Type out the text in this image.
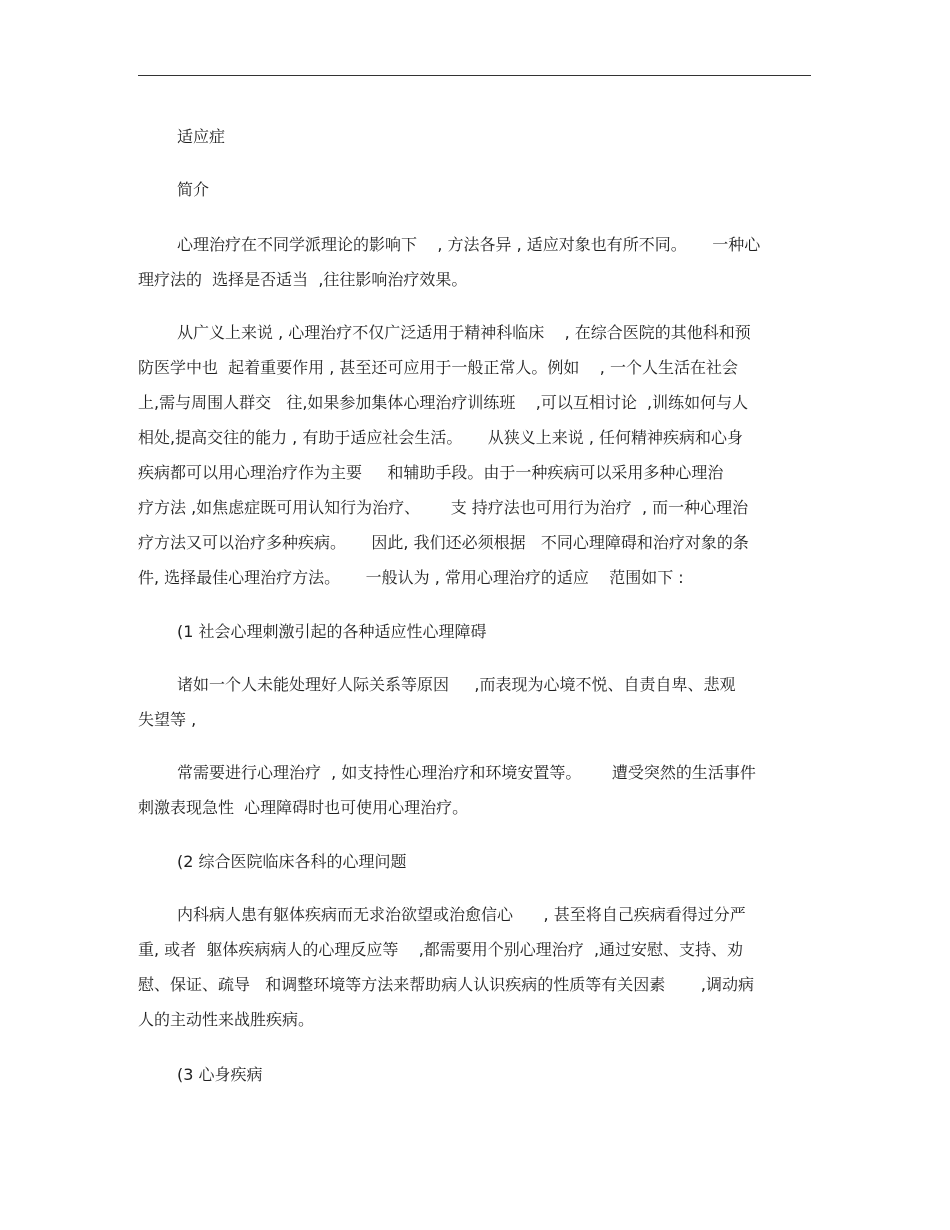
适应症

简介

心理治疗在不同学派理论的影响下    , 方法各异 , 适应对象也有所不同。     一种心

理疗法的  选择是否适当  ,往往影响治疗效果。

从广义上来说 , 心理治疗不仅广泛适用于精神科临床    , 在综合医院的其他科和预

防医学中也  起着重要作用 , 甚至还可应用于一般正常人。例如    , 一个人生活在社会

上,需与周围人群交   往,如果参加集体心理治疗训练班    ,可以互相讨论  ,训练如何与人

相处,提高交往的能力 , 有助于适应社会生活。     从狭义上来说 , 任何精神疾病和心身

疾病都可以用心理治疗作为主要     和辅助手段。由于一种疾病可以采用多种心理治

疗方法 ,如焦虑症既可用认知行为治疗、      支 持疗法也可用行为治疗  , 而一种心理治

疗方法又可以治疗多种疾病。     因此, 我们还必须根据   不同心理障碍和治疗对象的条

件, 选择最佳心理治疗方法。     一般认为 , 常用心理治疗的适应    范围如下 :

(1 社会心理刺激引起的各种适应性心理障碍

诸如一个人未能处理好人际关系等原因     ,而表现为心境不悦、自责自卑、悲观

失望等 ,

常需要进行心理治疗  , 如支持性心理治疗和环境安置等。      遭受突然的生活事件

刺激表现急性  心理障碍时也可使用心理治疗。

(2 综合医院临床各科的心理问题

内科病人患有躯体疾病而无求治欲望或治愈信心      , 甚至将自己疾病看得过分严

重, 或者  躯体疾病病人的心理反应等    ,都需要用个别心理治疗  ,通过安慰、支持、劝

慰、保证、疏导   和调整环境等方法来帮助病人认识疾病的性质等有关因素       ,调动病

人的主动性来战胜疾病。

(3 心身疾病
